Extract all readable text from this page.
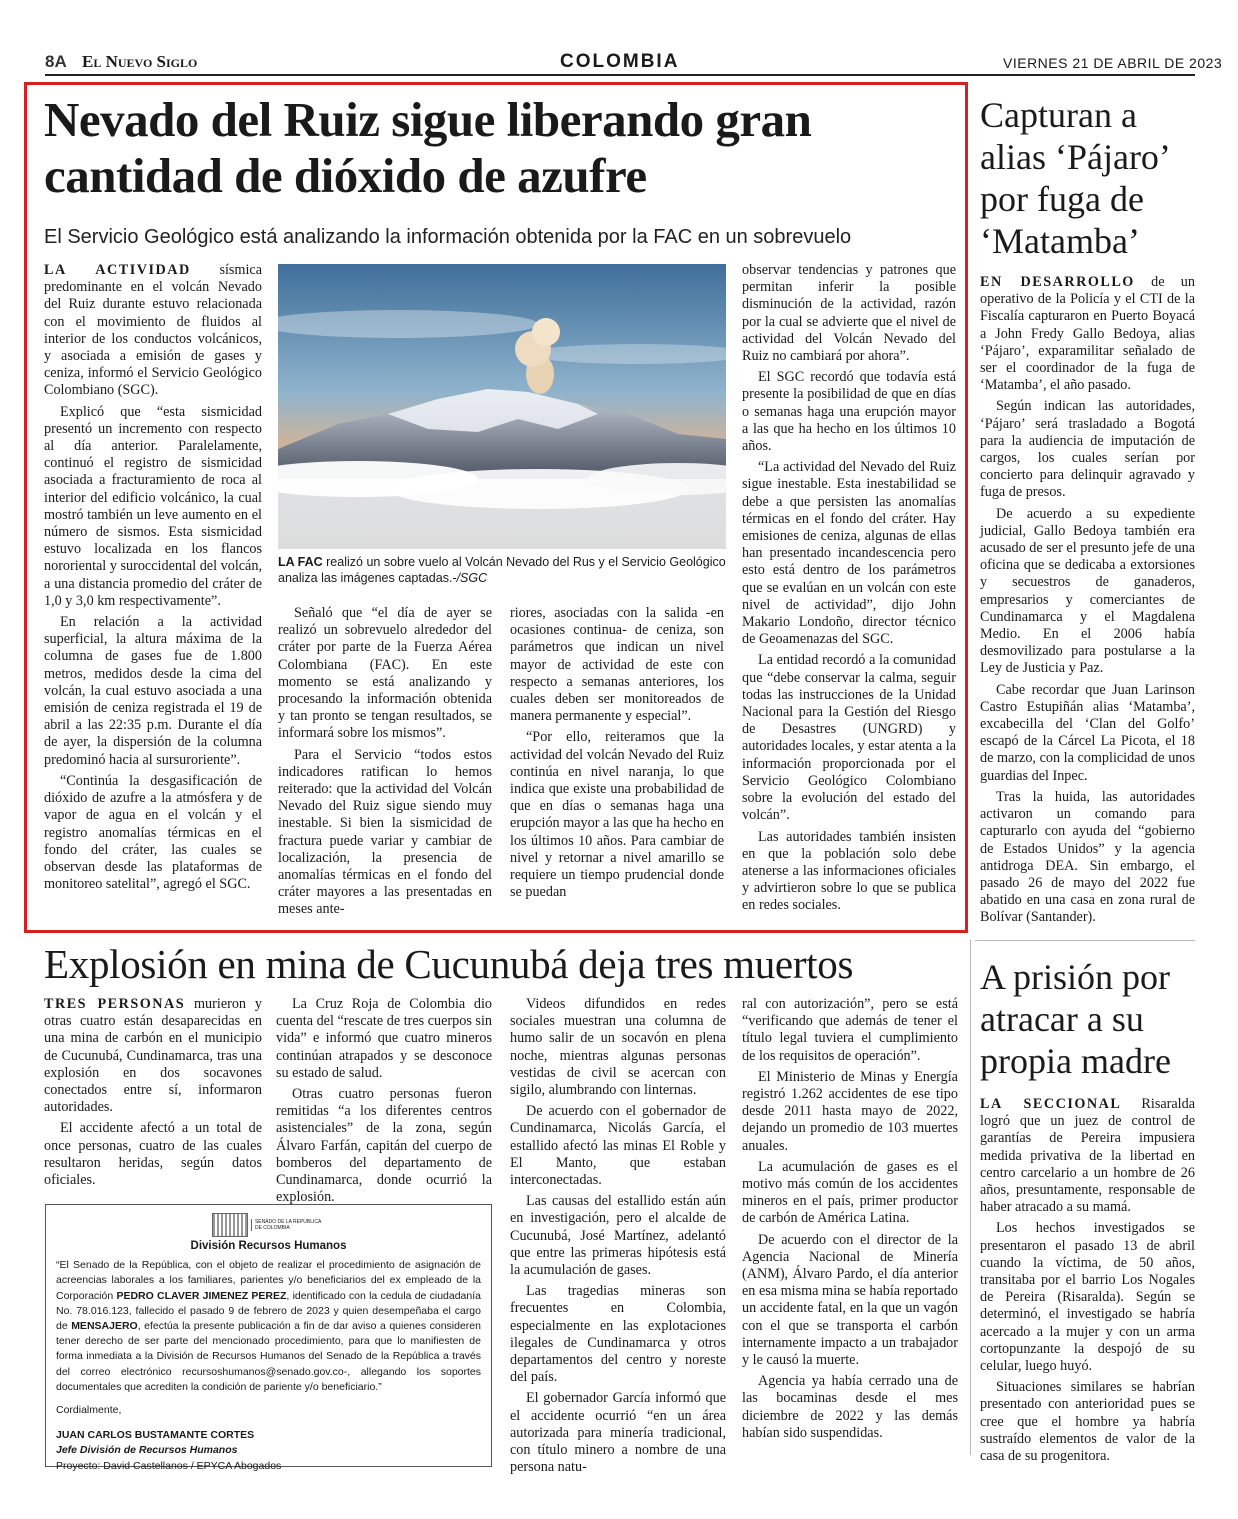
8A El Nuevo Siglo	COLOMBIA	VIERNES 21 DE ABRIL DE 2023
Nevado del Ruiz sigue liberando gran cantidad de dióxido de azufre
El Servicio Geológico está analizando la información obtenida por la FAC en un sobrevuelo

LA ACTIVIDAD sísmica predominante en el volcán Nevado del Ruiz durante estuvo relacionada con el movimiento de fluidos al interior de los conductos volcánicos, y asociada a emisión de gases y ceniza, informó el Servicio Geológico Colombiano (SGC).

Explicó que “esta sismicidad presentó un incremento con respecto al día anterior. Paralelamente, continuó el registro de sismicidad asociada a fracturamiento de roca al interior del edificio volcánico, la cual mostró también un leve aumento en el número de sismos. Esta sismicidad estuvo localizada en los flancos nororiental y suroccidental del volcán, a una distancia promedio del cráter de 1,0 y 3,0 km respectivamente”.

En relación a la actividad superficial, la altura máxima de la columna de gases fue de 1.800 metros, medidos desde la cima del volcán, la cual estuvo asociada a una emisión de ceniza registrada el 19 de abril a las 22:35 p.m. Durante el día de ayer, la dispersión de la columna predominó hacia al sursuroriente”.

“Continúa la desgasificación de dióxido de azufre a la atmósfera y de vapor de agua en el volcán y el registro anomalías térmicas en el fondo del cráter, las cuales se observan desde las plataformas de monitoreo satelital”, agregó el SGC.

LA FAC realizó un sobre vuelo al Volcán Nevado del Rus y el Servicio Geológico analiza las imágenes captadas.-/SGC

Señaló que “el día de ayer se realizó un sobrevuelo alrededor del cráter por parte de la Fuerza Aérea Colombiana (FAC). En este momento se está analizando y procesando la información obtenida y tan pronto se tengan resultados, se informará sobre los mismos”.

Para el Servicio “todos estos indicadores ratifican lo hemos reiterado: que la actividad del Volcán Nevado del Ruiz sigue siendo muy inestable. Si bien la sismicidad de fractura puede variar y cambiar de localización, la presencia de anomalías térmicas en el fondo del cráter mayores a las presentadas en meses ante-

riores, asociadas con la salida -en ocasiones continua- de ceniza, son parámetros que indican un nivel mayor de actividad de este con respecto a semanas anteriores, los cuales deben ser monitoreados de manera permanente y especial”.

“Por ello, reiteramos que la actividad del volcán Nevado del Ruiz continúa en nivel naranja, lo que indica que existe una probabilidad de que en días o semanas haga una erupción mayor a las que ha hecho en los últimos 10 años. Para cambiar de nivel y retornar a nivel amarillo se requiere un tiempo prudencial donde se puedan

observar tendencias y patrones que permitan inferir la posible disminución de la actividad, razón por la cual se advierte que el nivel de actividad del Volcán Nevado del Ruiz no cambiará por ahora”.

El SGC recordó que todavía está presente la posibilidad de que en días o semanas haga una erupción mayor a las que ha hecho en los últimos 10 años.

“La actividad del Nevado del Ruiz sigue inestable. Esta inestabilidad se debe a que persisten las anomalías térmicas en el fondo del cráter. Hay emisiones de ceniza, algunas de ellas han presentado incandescencia pero esto está dentro de los parámetros que se evalúan en un volcán con este nivel de actividad”, dijo John Makario Londoño, director técnico de Geoamenazas del SGC.

La entidad recordó a la comunidad que “debe conservar la calma, seguir todas las instrucciones de la Unidad Nacional para la Gestión del Riesgo de Desastres (UNGRD) y autoridades locales, y estar atenta a la información proporcionada por el Servicio Geológico Colombiano sobre la evolución del estado del volcán”.

Las autoridades también insisten en que la población solo debe atenerse a las informaciones oficiales y advirtieron sobre lo que se publica en redes sociales.

Capturan a alias ‘Pájaro’ por fuga de ‘Matamba’

EN DESARROLLO de un operativo de la Policía y el CTI de la Fiscalía capturaron en Puerto Boyacá a John Fredy Gallo Bedoya, alias ‘Pájaro’, exparamilitar señalado de ser el coordinador de la fuga de ‘Matamba’, el año pasado.

Según indican las autoridades, ‘Pájaro’ será trasladado a Bogotá para la audiencia de imputación de cargos, los cuales serían por concierto para delinquir agravado y fuga de presos.

De acuerdo a su expediente judicial, Gallo Bedoya también era acusado de ser el presunto jefe de una oficina que se dedicaba a extorsiones y secuestros de ganaderos, empresarios y comerciantes de Cundinamarca y el Magdalena Medio. En el 2006 había desmovilizado para postularse a la Ley de Justicia y Paz.

Cabe recordar que Juan Larinson Castro Estupiñán alias ‘Matamba’, excabecilla del ‘Clan del Golfo’ escapó de la Cárcel La Picota, el 18 de marzo, con la complicidad de unos guardias del Inpec.

Tras la huida, las autoridades activaron un comando para capturarlo con ayuda del “gobierno de Estados Unidos” y la agencia antidroga DEA. Sin embargo, el pasado 26 de mayo del 2022 fue abatido en una casa en zona rural de Bolívar (Santander).

Explosión en mina de Cucunubá deja tres muertos

TRES PERSONAS murieron y otras cuatro están desaparecidas en una mina de carbón en el municipio de Cucunubá, Cundinamarca, tras una explosión en dos socavones conectados entre sí, informaron autoridades.

El accidente afectó a un total de once personas, cuatro de las cuales resultaron heridas, según datos oficiales.

La Cruz Roja de Colombia dio cuenta del “rescate de tres cuerpos sin vida” e informó que cuatro mineros continúan atrapados y se desconoce su estado de salud.

Otras cuatro personas fueron remitidas “a los diferentes centros asistenciales” de la zona, según Álvaro Farfán, capitán del cuerpo de bomberos del departamento de Cundinamarca, donde ocurrió la explosión.

Videos difundidos en redes sociales muestran una columna de humo salir de un socavón en plena noche, mientras algunas personas vestidas de civil se acercan con sigilo, alumbrando con linternas.

De acuerdo con el gobernador de Cundinamarca, Nicolás García, el estallido afectó las minas El Roble y El Manto, que estaban interconectadas.

Las causas del estallido están aún en investigación, pero el alcalde de Cucunubá, José Martínez, adelantó que entre las primeras hipótesis está la acumulación de gases.

Las tragedias mineras son frecuentes en Colombia, especialmente en las explotaciones ilegales de Cundinamarca y otros departamentos del centro y noreste del país.

El gobernador García informó que el accidente ocurrió “en un área autorizada para minería tradicional, con título minero a nombre de una persona natu-

ral con autorización”, pero se está “verificando que además de tener el título legal tuviera el cumplimiento de los requisitos de operación”.

El Ministerio de Minas y Energía registró 1.262 accidentes de ese tipo desde 2011 hasta mayo de 2022, dejando un promedio de 103 muertes anuales.

La acumulación de gases es el motivo más común de los accidentes mineros en el país, primer productor de carbón de América Latina.

De acuerdo con el director de la Agencia Nacional de Minería (ANM), Álvaro Pardo, el día anterior en esa misma mina se había reportado un accidente fatal, en la que un vagón con el que se transporta el carbón internamente impacto a un trabajador y le causó la muerte.

Agencia ya había cerrado una de las bocaminas desde el mes diciembre de 2022 y las demás habían sido suspendidas.

SENADO DE LA REPÚBLICA DE COLOMBIA
División Recursos Humanos
“El Senado de la República, con el objeto de realizar el procedimiento de asignación de acreencias laborales a los familiares, parientes y/o beneficiarios del ex empleado de la Corporación PEDRO CLAVER JIMENEZ PEREZ, identificado con la cedula de ciudadanía No. 78.016.123, fallecido el pasado 9 de febrero de 2023 y quien desempeñaba el cargo de MENSAJERO, efectúa la presente publicación a fin de dar aviso a quienes consideren tener derecho de ser parte del mencionado procedimiento, para que lo manifiesten de forma inmediata a la División de Recursos Humanos del Senado de la República a través del correo electrónico recursoshumanos@senado.gov.co-, allegando los soportes documentales que acrediten la condición de pariente y/o beneficiario.”
Cordialmente,
JUAN CARLOS BUSTAMANTE CORTES
Jefe División de Recursos Humanos
Proyecto: David Castellanos / EPYCA Abogados
A prisión por atracar a su propia madre

LA SECCIONAL Risaralda logró que un juez de control de garantías de Pereira impusiera medida privativa de la libertad en centro carcelario a un hombre de 26 años, presuntamente, responsable de haber atracado a su mamá.

Los hechos investigados se presentaron el pasado 13 de abril cuando la víctima, de 50 años, transitaba por el barrio Los Nogales de Pereira (Risaralda). Según se determinó, el investigado se habría acercado a la mujer y con un arma cortopunzante la despojó de su celular, luego huyó.

Situaciones similares se habrían presentado con anterioridad pues se cree que el hombre ya habría sustraído elementos de valor de la casa de su progenitora.
